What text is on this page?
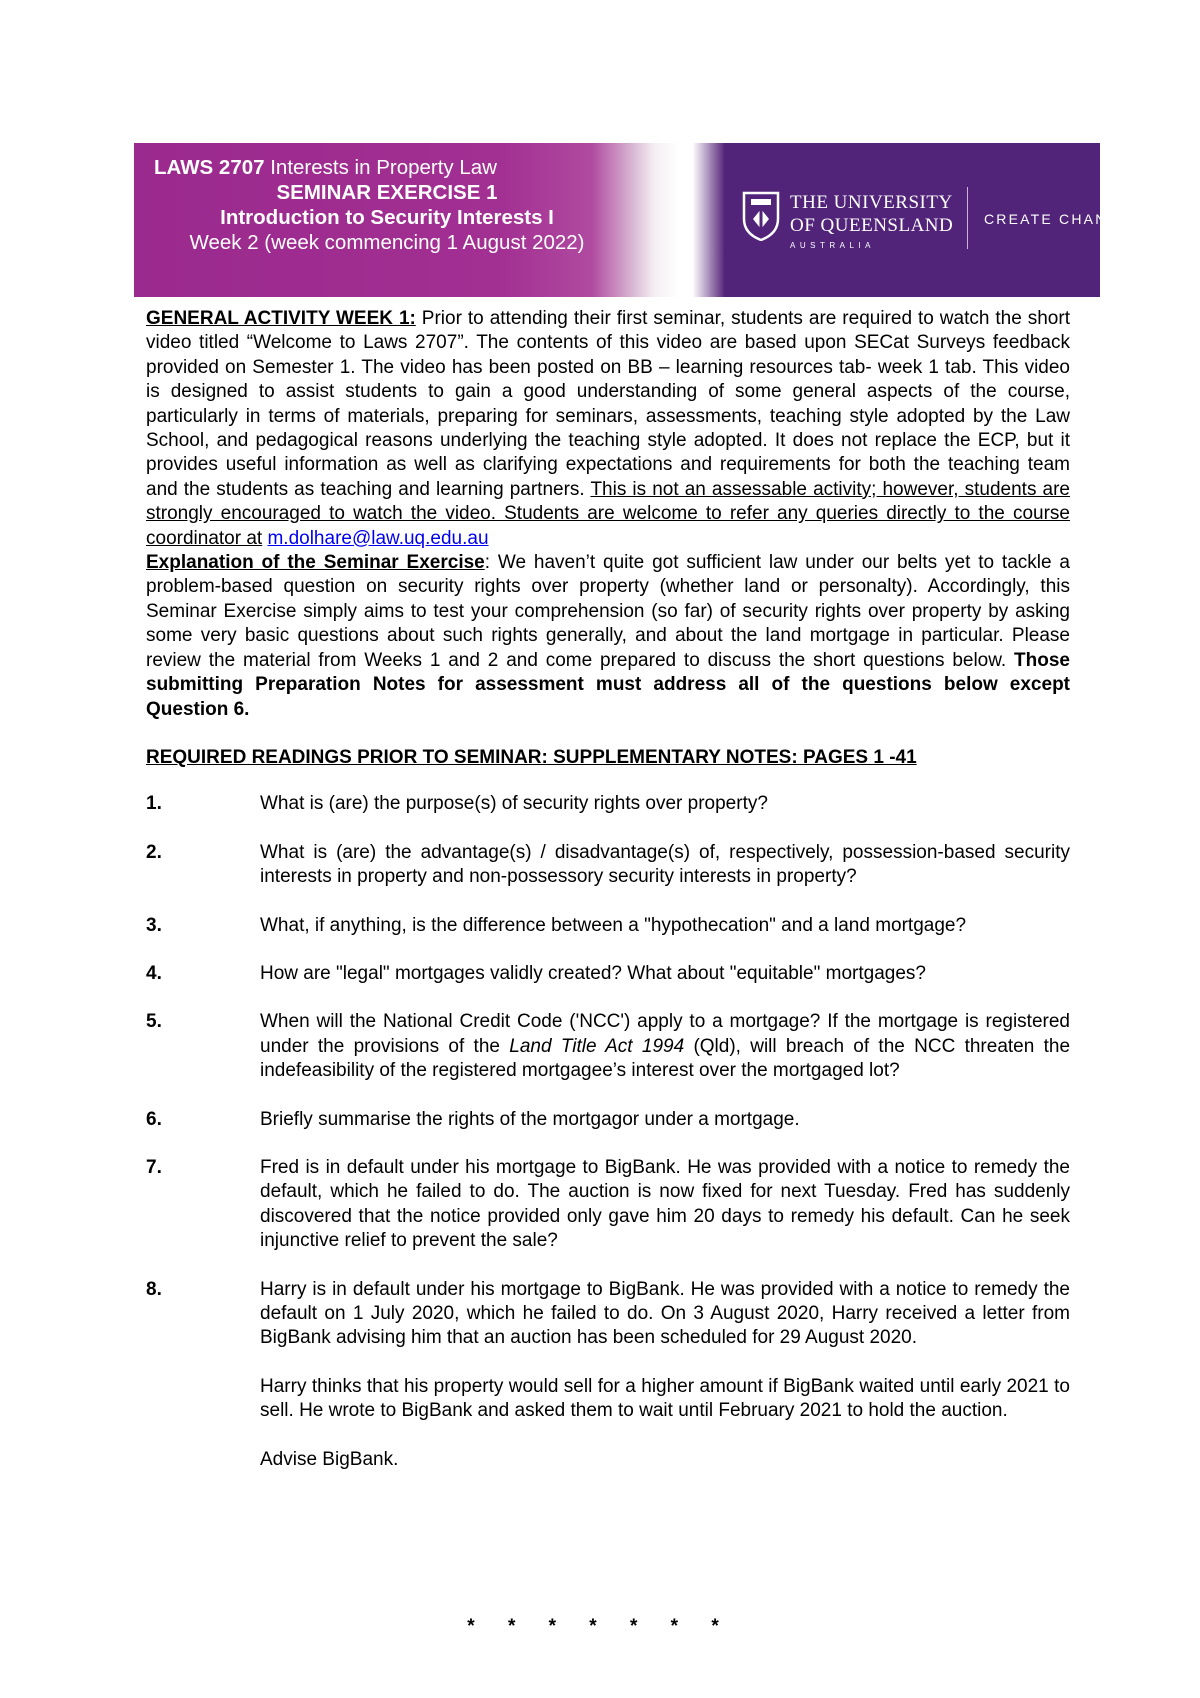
LAWS 2707 Interests in Property Law
SEMINAR EXERCISE 1
Introduction to Security Interests I
Week 2 (week commencing 1 August 2022)
THE UNIVERSITY
OF QUEENSLAND
AUSTRALIA
CREATE CHANGE

GENERAL ACTIVITY WEEK 1: Prior to attending their first seminar, students are required to watch the short video titled “Welcome to Laws 2707”. The contents of this video are based upon SECat Surveys feedback provided on Semester 1. The video has been posted on BB – learning resources tab- week 1 tab. This video is designed to assist students to gain a good understanding of some general aspects of the course, particularly in terms of materials, preparing for seminars, assessments, teaching style adopted by the Law School, and pedagogical reasons underlying the teaching style adopted. It does not replace the ECP, but it provides useful information as well as clarifying expectations and requirements for both the teaching team and the students as teaching and learning partners. This is not an assessable activity; however, students are strongly encouraged to watch the video. Students are welcome to refer any queries directly to the course coordinator at m.dolhare@law.uq.edu.au

Explanation of the Seminar Exercise: We haven’t quite got sufficient law under our belts yet to tackle a problem-based question on security rights over property (whether land or personalty). Accordingly, this Seminar Exercise simply aims to test your comprehension (so far) of security rights over property by asking some very basic questions about such rights generally, and about the land mortgage in particular. Please review the material from Weeks 1 and 2 and come prepared to discuss the short questions below. Those submitting Preparation Notes for assessment must address all of the questions below except Question 6.

REQUIRED READINGS PRIOR TO SEMINAR: SUPPLEMENTARY NOTES: PAGES 1 -41

1.	What is (are) the purpose(s) of security rights over property?
2.	What is (are) the advantage(s) / disadvantage(s) of, respectively, possession-based security interests in property and non-possessory security interests in property?
3.	What, if anything, is the difference between a "hypothecation" and a land mortgage?
4.	How are "legal" mortgages validly created? What about "equitable" mortgages?
5.	When will the National Credit Code ('NCC') apply to a mortgage? If the mortgage is registered under the provisions of the Land Title Act 1994 (Qld), will breach of the NCC threaten the indefeasibility of the registered mortgagee’s interest over the mortgaged lot?
6.	Briefly summarise the rights of the mortgagor under a mortgage.
7.	Fred is in default under his mortgage to BigBank. He was provided with a notice to remedy the default, which he failed to do. The auction is now fixed for next Tuesday. Fred has suddenly discovered that the notice provided only gave him 20 days to remedy his default. Can he seek injunctive relief to prevent the sale?
8.	Harry is in default under his mortgage to BigBank. He was provided with a notice to remedy the default on 1 July 2020, which he failed to do. On 3 August 2020, Harry received a letter from BigBank advising him that an auction has been scheduled for 29 August 2020.

Harry thinks that his property would sell for a higher amount if BigBank waited until early 2021 to sell. He wrote to BigBank and asked them to wait until February 2021 to hold the auction.

Advise BigBank.

* * * * * * *
